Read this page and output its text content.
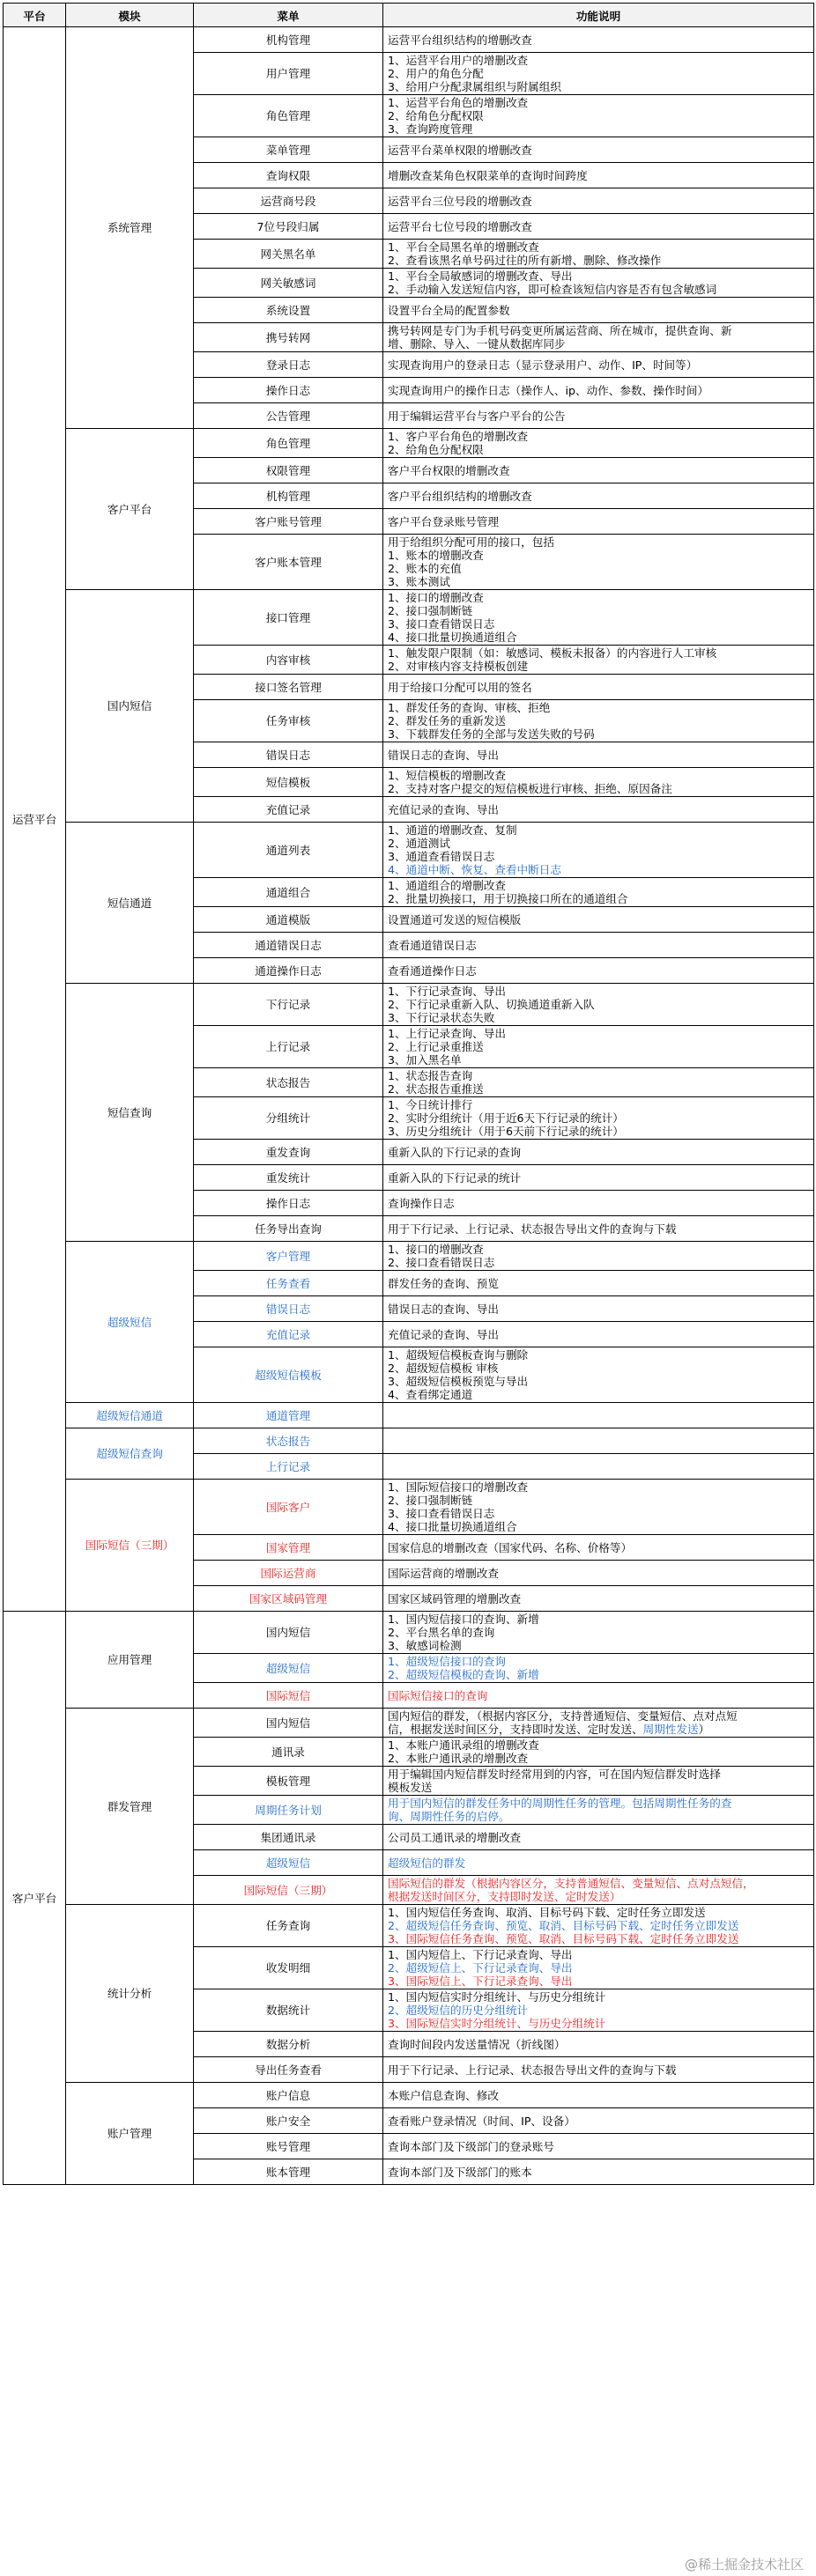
平台	模块	菜单	功能说明
运营平台	系统管理	机构管理	运营平台组织结构的增删改查

		用户管理	1、运营平台用户的增删改查
2、用户的角色分配
3、给用户分配隶属组织与附属组织

		角色管理	1、运营平台角色的增删改查
2、给角色分配权限
3、查询跨度管理

		菜单管理	运营平台菜单权限的增删改查

		查询权限	增删改查某角色权限菜单的查询时间跨度

		运营商号段	运营平台三位号段的增删改查

		7位号段归属	运营平台七位号段的增删改查

		网关黑名单	1、平台全局黑名单的增删改查
2、查看该黑名单号码过往的所有新增、删除、修改操作

		网关敏感词	1、平台全局敏感词的增删改查、导出
2、手动输入发送短信内容，即可检查该短信内容是否有包含敏感词

		系统设置	设置平台全局的配置参数

		携号转网	携号转网是专门为手机号码变更所属运营商、所在城市，提供查询、新
增、删除、导入、一键从数据库同步

		登录日志	实现查询用户的登录日志（显示登录用户、动作、IP、时间等）

		操作日志	实现查询用户的操作日志（操作人、ip、动作、参数、操作时间）

		公告管理	用于编辑运营平台与客户平台的公告

	客户平台	角色管理	1、客户平台角色的增删改查
2、给角色分配权限

		权限管理	客户平台权限的增删改查

		机构管理	客户平台组织结构的增删改查

		客户账号管理	客户平台登录账号管理

		客户账本管理	用于给组织分配可用的接口，包括
1、账本的增删改查
2、账本的充值
3、账本测试

	国内短信	接口管理	1、接口的增删改查
2、接口强制断链
3、接口查看错误日志
4、接口批量切换通道组合

		内容审核	1、触发限户限制（如：敏感词、模板未报备）的内容进行人工审核
2、对审核内容支持模板创建

		接口签名管理	用于给接口分配可以用的签名

		任务审核	1、群发任务的查询、审核、拒绝
2、群发任务的重新发送
3、下载群发任务的全部与发送失败的号码

		错误日志	错误日志的查询、导出

		短信模板	1、短信模板的增删改查
2、支持对客户提交的短信模板进行审核、拒绝、原因备注

		充值记录	充值记录的查询、导出

	短信通道	通道列表	1、通道的增删改查、复制
2、通道测试
3、通道查看错误日志
4、通道中断、恢复、查看中断日志

		通道组合	1、通道组合的增删改查
2、批量切换接口，用于切换接口所在的通道组合

		通道模版	设置通道可发送的短信模版

		通道错误日志	查看通道错误日志

		通道操作日志	查看通道操作日志

	短信查询	下行记录	1、下行记录查询、导出
2、下行记录重新入队、切换通道重新入队
3、下行记录状态失败

		上行记录	1、上行记录查询、导出
2、上行记录重推送
3、加入黑名单

		状态报告	1、状态报告查询
2、状态报告重推送

		分组统计	1、今日统计排行
2、实时分组统计（用于近6天下行记录的统计）
3、历史分组统计（用于6天前下行记录的统计）

		重发查询	重新入队的下行记录的查询

		重发统计	重新入队的下行记录的统计

		操作日志	查询操作日志

		任务导出查询	用于下行记录、上行记录、状态报告导出文件的查询与下载

	超级短信	客户管理	1、接口的增删改查
2、接口查看错误日志

		任务查看	群发任务的查询、预览

		错误日志	错误日志的查询、导出

		充值记录	充值记录的查询、导出

		超级短信模板	1、超级短信模板查询与删除
2、超级短信模板 审核
3、超级短信模板预览与导出
4、查看绑定通道

	超级短信通道	通道管理	

	超级短信查询	状态报告	

		上行记录	

	国际短信（三期）	国际客户	1、国际短信接口的增删改查
2、接口强制断链
3、接口查看错误日志
4、接口批量切换通道组合

		国家管理	国家信息的增删改查（国家代码、名称、价格等）

		国际运营商	国际运营商的增删改查

		国家区域码管理	国家区域码管理的增删改查

客户平台	应用管理	国内短信	1、国内短信接口的查询、新增
2、平台黑名单的查询
3、敏感词检测

		超级短信	1、超级短信接口的查询
2、超级短信模板的查询、新增

		国际短信	国际短信接口的查询

	群发管理	国内短信	国内短信的群发，（根据内容区分，支持普通短信、变量短信、点对点短
信，根据发送时间区分，支持即时发送、定时发送、周期性发送）

		通讯录	1、本账户通讯录组的增删改查
2、本账户通讯录的增删改查

		模板管理	用于编辑国内短信群发时经常用到的内容，可在国内短信群发时选择
模板发送

		周期任务计划	用于国内短信的群发任务中的周期性任务的管理。包括周期性任务的查
询、周期性任务的启停。

		集团通讯录	公司员工通讯录的增删改查

		超级短信	超级短信的群发

		国际短信（三期）	国际短信的群发（根据内容区分，支持普通短信、变量短信、点对点短信，
根据发送时间区分，支持即时发送、定时发送）

	统计分析	任务查询	1、国内短信任务查询、取消、目标号码下载、定时任务立即发送
2、超级短信任务查询、预览、取消、目标号码下载、定时任务立即发送
3、国际短信任务查询、预览、取消、目标号码下载、定时任务立即发送

		收发明细	1、国内短信上、下行记录查询、导出
2、超级短信上、下行记录查询、导出
3、国际短信上、下行记录查询、导出

		数据统计	1、国内短信实时分组统计、与历史分组统计
2、超级短信的历史分组统计
3、国际短信实时分组统计、与历史分组统计

		数据分析	查询时间段内发送量情况（折线图）

		导出任务查看	用于下行记录、上行记录、状态报告导出文件的查询与下载

	账户管理	账户信息	本账户信息查询、修改

		账户安全	查看账户登录情况（时间、IP、设备）

		账号管理	查询本部门及下级部门的登录账号

		账本管理	查询本部门及下级部门的账本
@稀土掘金技术社区
